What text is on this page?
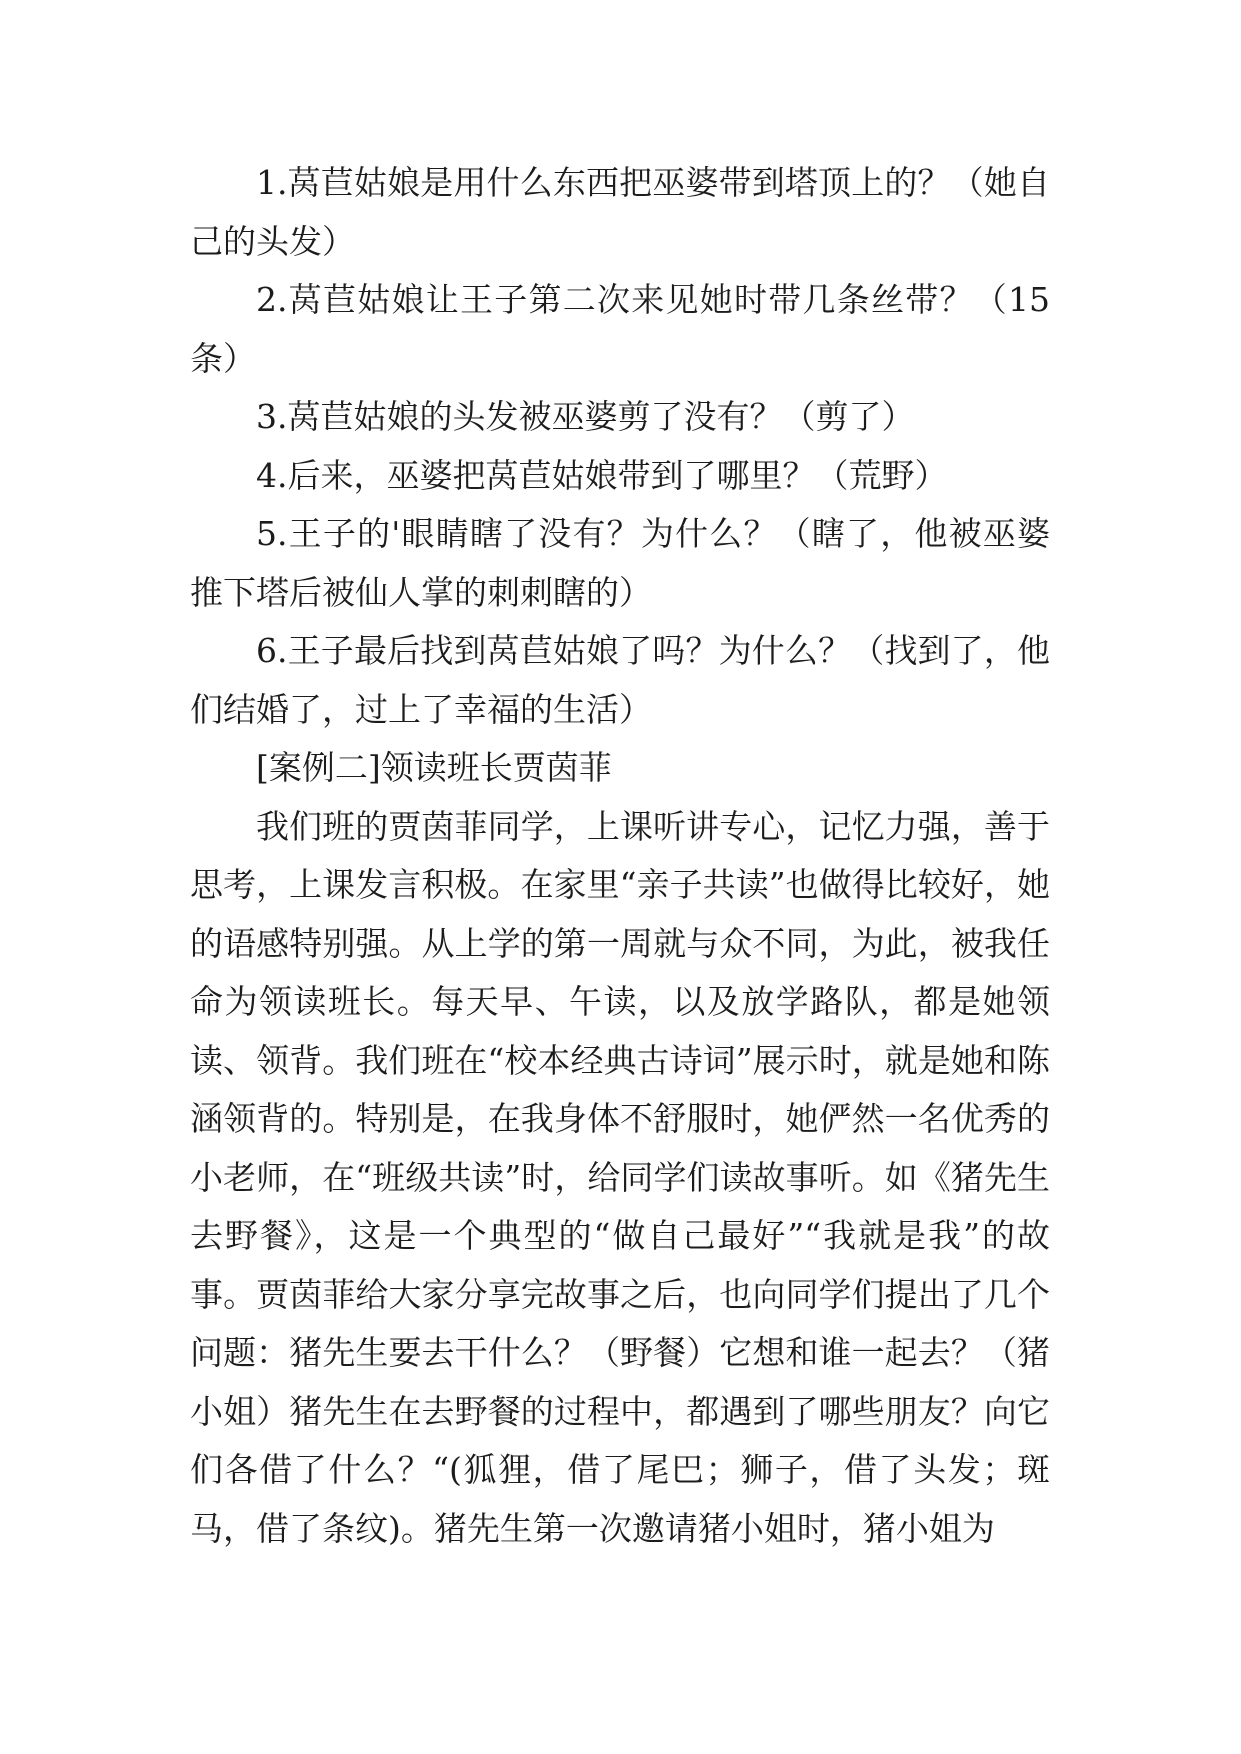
1.莴苣姑娘是用什么东西把巫婆带到塔顶上的？（她自己的头发）

2.莴苣姑娘让王子第二次来见她时带几条丝带？（15条）

3.莴苣姑娘的头发被巫婆剪了没有？（剪了）

4.后来，巫婆把莴苣姑娘带到了哪里？（荒野）

5.王子的'眼睛瞎了没有？为什么？（瞎了，他被巫婆推下塔后被仙人掌的刺刺瞎的）

6.王子最后找到莴苣姑娘了吗？为什么？（找到了，他们结婚了，过上了幸福的生活）

[案例二]领读班长贾茵菲

我们班的贾茵菲同学，上课听讲专心，记忆力强，善于思考，上课发言积极。在家里“亲子共读”也做得比较好，她的语感特别强。从上学的第一周就与众不同，为此，被我任命为领读班长。每天早、午读，以及放学路队，都是她领读、领背。我们班在“校本经典古诗词”展示时，就是她和陈涵领背的。特别是，在我身体不舒服时，她俨然一名优秀的小老师，在“班级共读”时，给同学们读故事听。如《猪先生去野餐》，这是一个典型的“做自己最好”“我就是我”的故事。贾茵菲给大家分享完故事之后，也向同学们提出了几个问题：猪先生要去干什么？（野餐）它想和谁一起去？（猪小姐）猪先生在去野餐的过程中，都遇到了哪些朋友？向它们各借了什么？“(狐狸，借了尾巴；狮子，借了头发；斑马，借了条纹)。猪先生第一次邀请猪小姐时，猪小姐为
